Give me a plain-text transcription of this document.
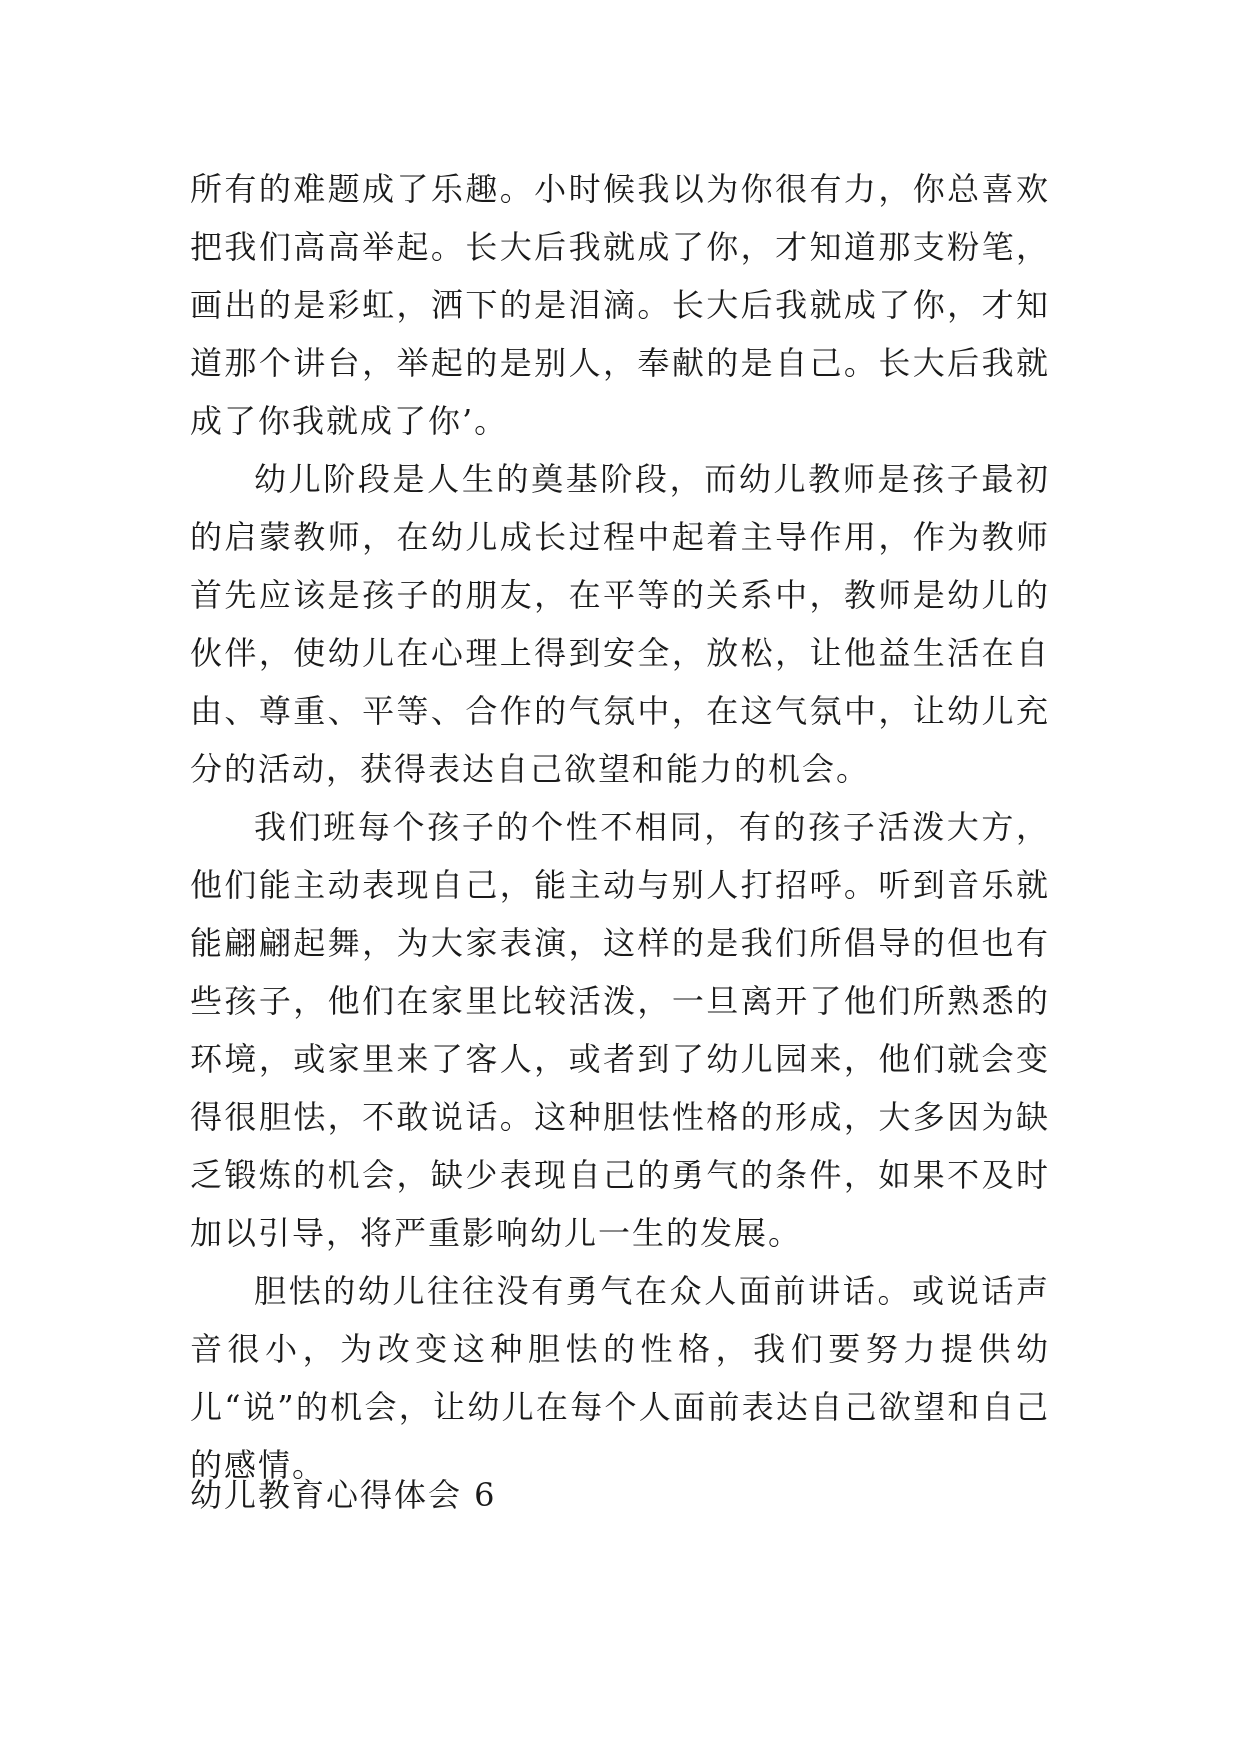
所有的难题成了乐趣。小时候我以为你很有力，你总喜欢把我们高高举起。长大后我就成了你，才知道那支粉笔，画出的是彩虹，洒下的是泪滴。长大后我就成了你，才知道那个讲台，举起的是别人，奉献的是自己。长大后我就成了你我就成了你’。

幼儿阶段是人生的奠基阶段，而幼儿教师是孩子最初的启蒙教师，在幼儿成长过程中起着主导作用，作为教师首先应该是孩子的朋友，在平等的关系中，教师是幼儿的伙伴，使幼儿在心理上得到安全，放松，让他益生活在自由、尊重、平等、合作的气氛中，在这气氛中，让幼儿充分的活动，获得表达自己欲望和能力的机会。

我们班每个孩子的个性不相同，有的孩子活泼大方，他们能主动表现自己，能主动与别人打招呼。听到音乐就能翩翩起舞，为大家表演，这样的是我们所倡导的但也有些孩子，他们在家里比较活泼，一旦离开了他们所熟悉的环境，或家里来了客人，或者到了幼儿园来，他们就会变得很胆怯，不敢说话。这种胆怯性格的形成，大多因为缺乏锻炼的机会，缺少表现自己的勇气的条件，如果不及时加以引导，将严重影响幼儿一生的发展。

胆怯的幼儿往往没有勇气在众人面前讲话。或说话声音很小，为改变这种胆怯的性格，我们要努力提供幼儿“说”的机会，让幼儿在每个人面前表达自己欲望和自己的感情。

幼儿教育心得体会 6
